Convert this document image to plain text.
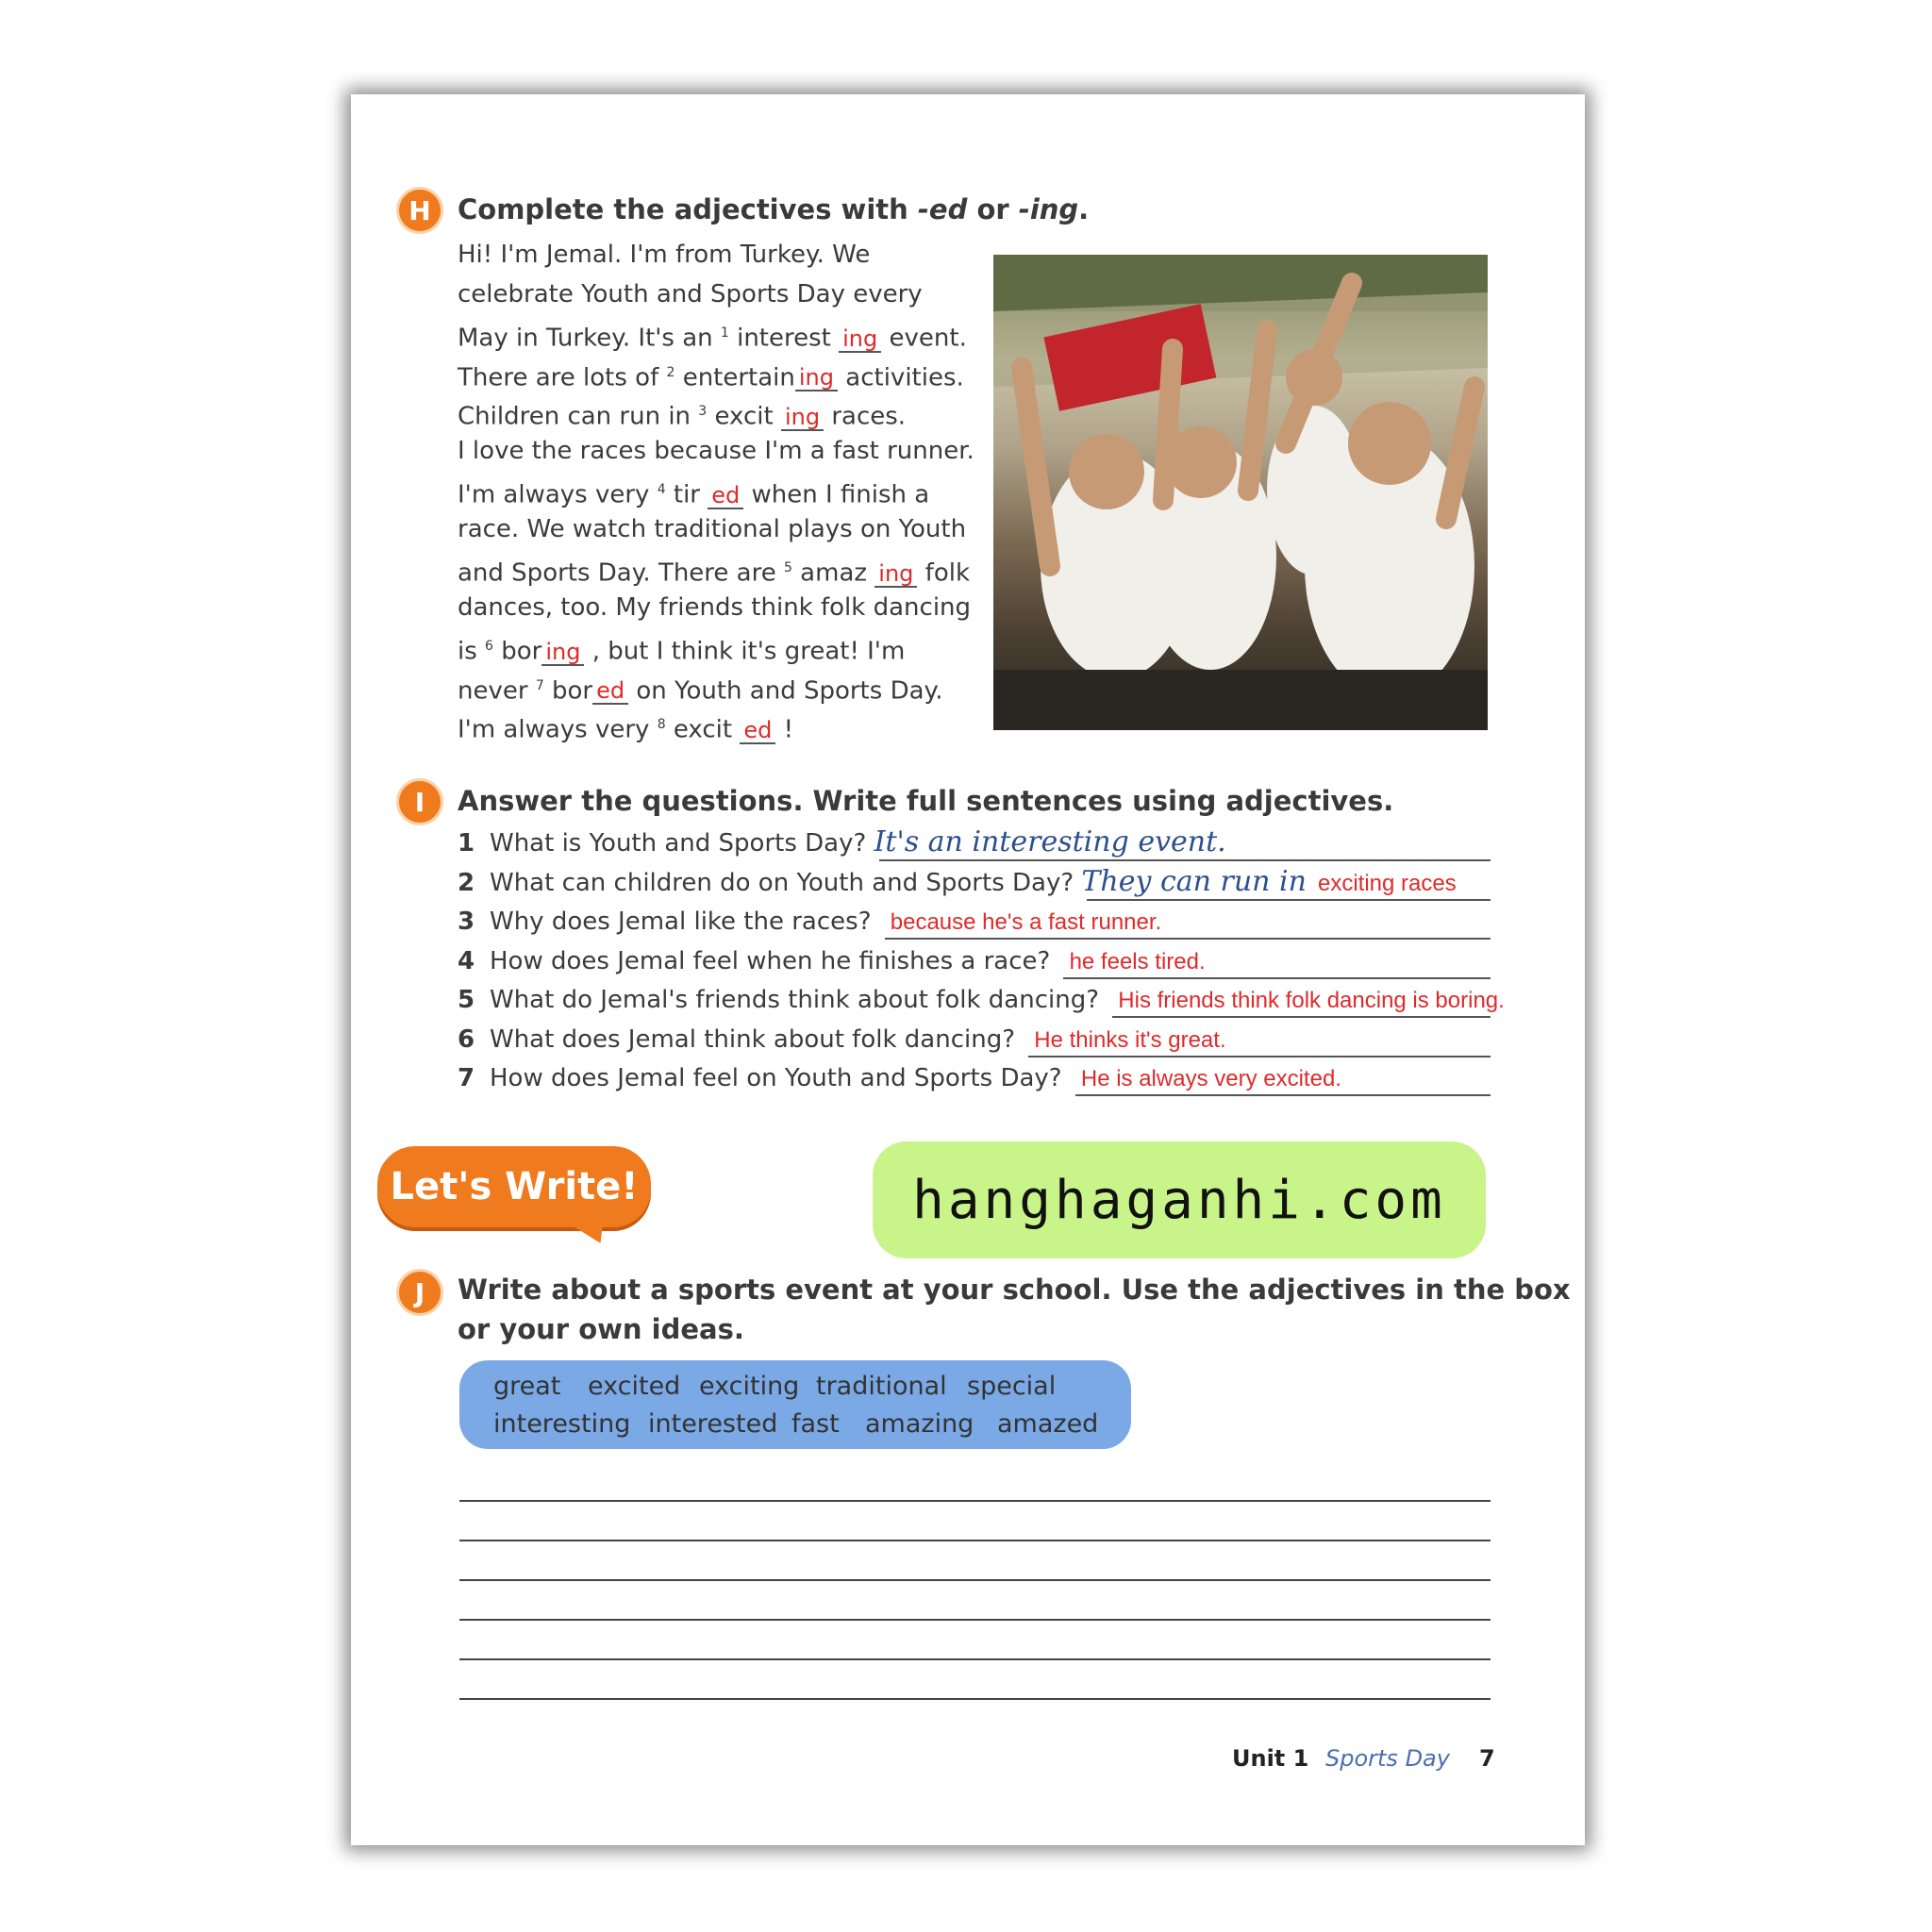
H Complete the adjectives with -ed or -ing.
Hi! I'm Jemal. I'm from Turkey. We
celebrate Youth and Sports Day every
May in Turkey. It's an $^1$ interest ing event.
There are lots of $^2$ entertain ing activities.
Children can run in $^3$ excit ing races.
I love the races because I'm a fast runner.
I'm always very $^4$ tir ed when I finish a
race. We watch traditional plays on Youth
and Sports Day. There are $^5$ amaz ing folk
dances, too. My friends think folk dancing
is $^6$ bor ing , but I think it's great! I'm
never $^7$ bor ed on Youth and Sports Day.
I'm always very $^8$ excit ed !
I Answer the questions. Write full sentences using adjectives.
1 What is Youth and Sports Day? It's an interesting event.
2 What can children do on Youth and Sports Day? They can run in exciting races
3 Why does Jemal like the races? because he's a fast runner.
4 How does Jemal feel when he finishes a race? he feels tired.
5 What do Jemal's friends think about folk dancing? His friends think folk dancing is boring.
6 What does Jemal think about folk dancing? He thinks it's great.
7 How does Jemal feel on Youth and Sports Day? He is always very excited.
Let's Write!	hanghaganhi.com
J Write about a sports event at your school. Use the adjectives in the box
or your own ideas.
great excited exciting traditional special
interesting interested fast amazing amazed
Unit 1 Sports Day 7
